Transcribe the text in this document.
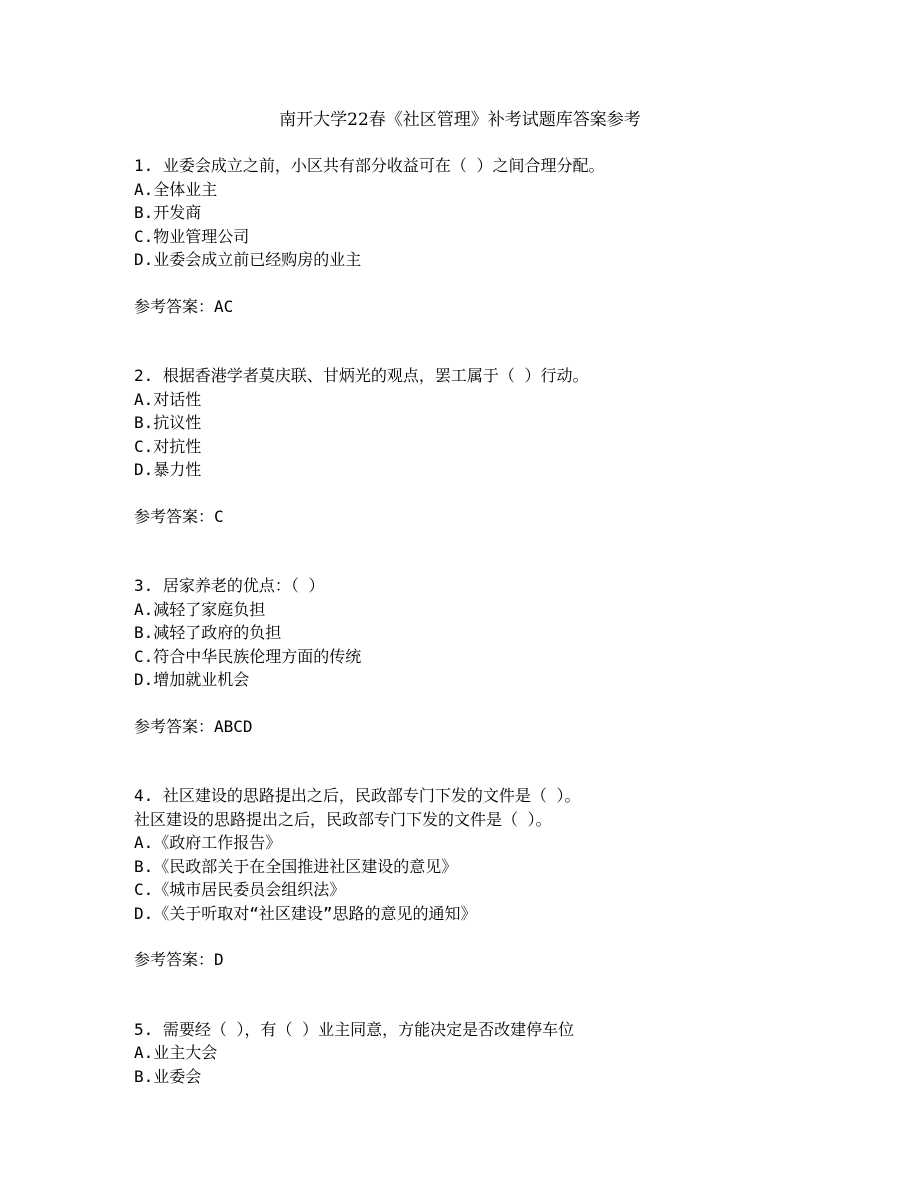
南开大学22春《社区管理》补考试题库答案参考
1. 业委会成立之前，小区共有部分收益可在（ ）之间合理分配。
A.全体业主
B.开发商
C.物业管理公司
D.业委会成立前已经购房的业主
参考答案：AC
2. 根据香港学者莫庆联、甘炳光的观点，罢工属于（ ）行动。
A.对话性
B.抗议性
C.对抗性
D.暴力性
参考答案：C
3. 居家养老的优点：（ ）
A.减轻了家庭负担
B.减轻了政府的负担
C.符合中华民族伦理方面的传统
D.增加就业机会
参考答案：ABCD
4. 社区建设的思路提出之后，民政部专门下发的文件是（ ）。
社区建设的思路提出之后，民政部专门下发的文件是（ ）。
A.《政府工作报告》
B.《民政部关于在全国推进社区建设的意见》
C.《城市居民委员会组织法》
D.《关于听取对“社区建设”思路的意见的通知》
参考答案：D
5. 需要经（ ），有（ ）业主同意，方能决定是否改建停车位
A.业主大会
B.业委会
